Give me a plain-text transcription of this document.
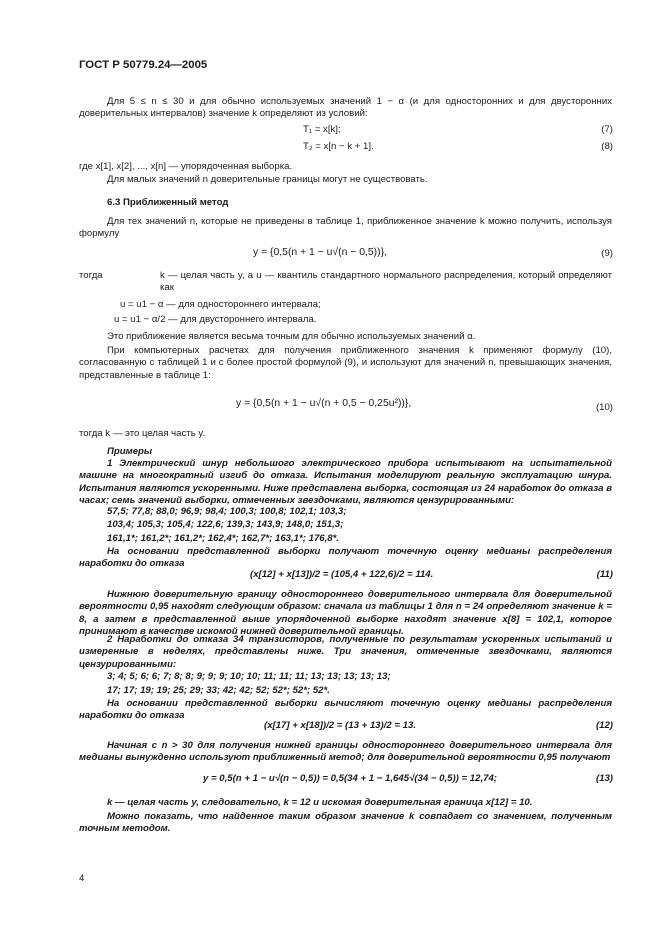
ГОСТ Р 50779.24—2005
Для 5 ≤ n ≤ 30 и для обычно используемых значений 1 − α (и для односторонних и для двусторонних доверительных интервалов) значение k определяют из условий:
T₁ = x[k];	(7)
T₂ = x[n − k + 1].	(8)
где x[1], x[2], ..., x[n] — упорядоченная выборка.
Для малых значений n доверительные границы могут не существовать.
6.3 Приближенный метод
Для тех значений n, которые не приведены в таблице 1, приближенное значение k можно получить, используя формулу
y = {0,5(n + 1 − u√(n − 0,5))},	(9)
тогда	k — целая часть y, а u — квантиль стандартного нормального распределения, который определяют как
u = u1 − α — для одностороннего интервала;
u = u1 − α/2 — для двустороннего интервала.
Это приближение является весьма точным для обычно используемых значений α.
При компьютерных расчетах для получения приближенного значения k применяют формулу (10), согласованную с таблицей 1 и с более простой формулой (9), и используют для значений n, превышающих значения, представленные в таблице 1:
y = {0,5(n + 1 − u√(n + 0,5 − 0,25u²))},	(10)
тогда k — это целая часть y.
Примеры
1 Электрический шнур небольшого электрического прибора испытывают на испытательной машине на многократный изгиб до отказа. Испытания моделируют реальную эксплуатацию шнура. Испытания являются ускоренными. Ниже представлена выборка, состоящая из 24 наработок до отказа в часах; семь значений выборки, отмеченных звездочками, являются цензурированными:
57,5; 77,8; 88,0; 96,9; 98,4; 100,3; 100,8; 102,1; 103,3;
103,4; 105,3; 105,4; 122,6; 139,3; 143,9; 148,0; 151,3;
161,1*; 161,2*; 161,2*; 162,4*; 162,7*; 163,1*; 176,8*.
На основании представленной выборки получают точечную оценку медианы распределения наработки до отказа
(x[12] + x[13])/2 = (105,4 + 122,6)/2 = 114.	(11)
Нижнюю доверительную границу одностороннего доверительного интервала для доверительной вероятности 0,95 находят следующим образом: сначала из таблицы 1 для n = 24 определяют значение k = 8, а затем в представленной выше упорядоченной выборке находят значение x[8] = 102,1, которое принимают в качестве искомой нижней доверительной границы.
2 Наработки до отказа 34 транзисторов, полученные по результатам ускоренных испытаний и измеренные в неделях, представлены ниже. Три значения, отмеченные звездочками, являются цензурированными:
3; 4; 5; 6; 6; 7; 8; 8; 9; 9; 9; 10; 10; 11; 11; 11; 13; 13; 13; 13; 13;
17; 17; 19; 19; 25; 29; 33; 42; 42; 52; 52*; 52*; 52*.
На основании представленной выборки вычисляют точечную оценку медианы распределения наработки до отказа
(x[17] + x[18])/2 = (13 + 13)/2 = 13.	(12)
Начиная с n > 30 для получения нижней границы одностороннего доверительного интервала для медианы вынужденно используют приближенный метод; для доверительной вероятности 0,95 получают
y = 0,5(n + 1 − u√(n − 0,5)) = 0,5(34 + 1 − 1,645√(34 − 0,5)) = 12,74;	(13)
k — целая часть y, следовательно, k = 12 и искомая доверительная граница x[12] = 10.
Можно показать, что найденное таким образом значение k совпадает со значением, полученным точным методом.
4
